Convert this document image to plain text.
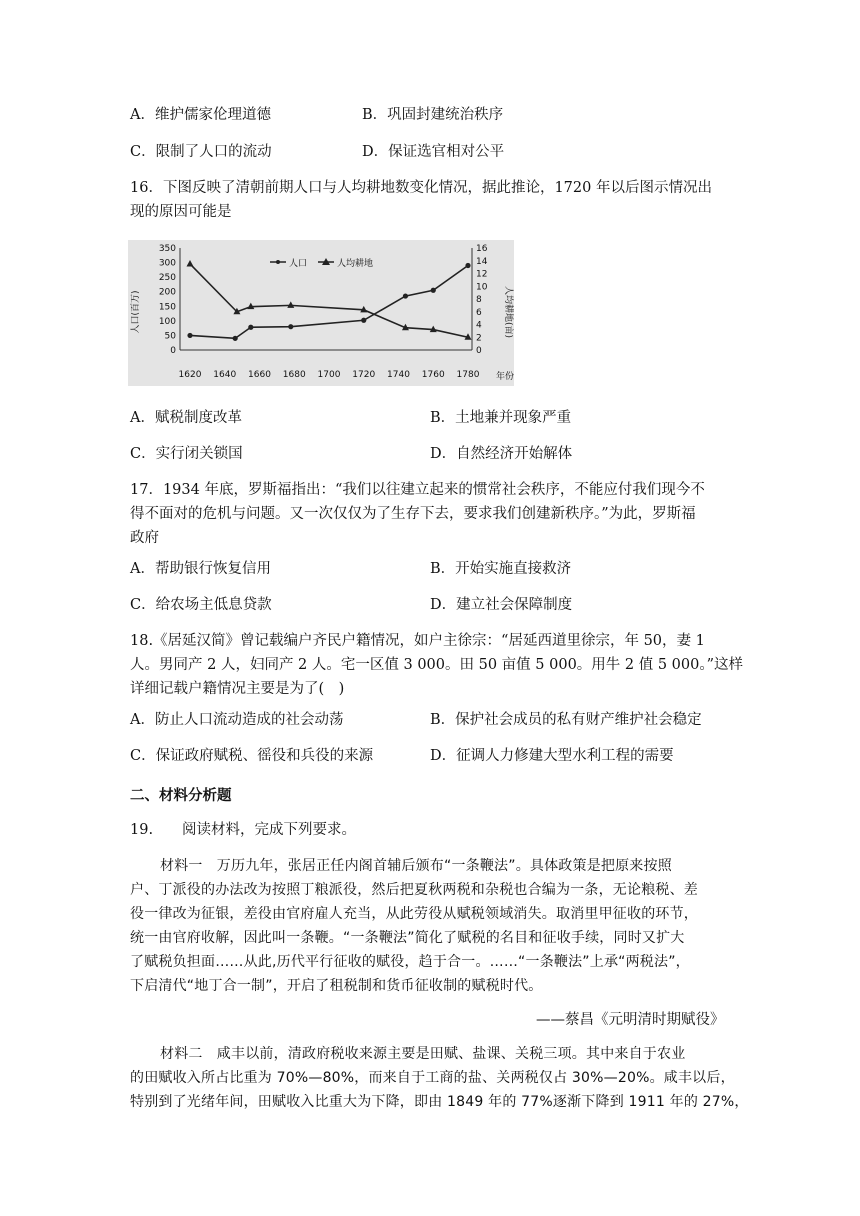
A．维护儒家伦理道德	B．巩固封建统治秩序
C．限制了人口的流动	D．保证选官相对公平
16．下图反映了清朝前期人口与人均耕地数变化情况，据此推论，1720 年以后图示情况出
现的原因可能是
0
50
100
150
200
250
300
350
0
2
4
6
8
10
12
14
16
1620 1640 1660 1680 1700 1720 1740 1760 1780
人口	人均耕地
人口(百万)	人均耕地(亩)
年份
A．赋税制度改革	B．土地兼并现象严重
C．实行闭关锁国	D．自然经济开始解体
17．1934 年底，罗斯福指出：“我们以往建立起来的惯常社会秩序，不能应付我们现今不
得不面对的危机与问题。又一次仅仅为了生存下去，要求我们创建新秩序。”为此，罗斯福
政府
A．帮助银行恢复信用	B．开始实施直接救济
C．给农场主低息贷款	D．建立社会保障制度
18.《居延汉简》曾记载编户齐民户籍情况，如户主徐宗：“居延西道里徐宗，年 50，妻 1
人。男同产 2 人，妇同产 2 人。宅一区值 3 000。田 50 亩值 5 000。用牛 2 值 5 000。”这样
详细记载户籍情况主要是为了(　)
A．防止人口流动造成的社会动荡	B．保护社会成员的私有财产维护社会稳定
C．保证政府赋税、徭役和兵役的来源	D．征调人力修建大型水利工程的需要
二、材料分析题
19.　　阅读材料，完成下列要求。
材料一　万历九年，张居正任内阁首辅后颁布“一条鞭法”。具体政策是把原来按照
户、丁派役的办法改为按照丁粮派役，然后把夏秋两税和杂税也合编为一条，无论粮税、差
役一律改为征银，差役由官府雇人充当，从此劳役从赋税领域消失。取消里甲征收的环节，
统一由官府收解，因此叫一条鞭。“一条鞭法”简化了赋税的名目和征收手续，同时又扩大
了赋税负担面……从此,历代平行征收的赋役，趋于合一。……“一条鞭法”上承“两税法”，
下启清代“地丁合一制”，开启了租税制和货币征收制的赋税时代。
——蔡昌《元明清时期赋役》
材料二　咸丰以前，清政府税收来源主要是田赋、盐课、关税三项。其中来自于农业
的田赋收入所占比重为 70%—80%，而来自于工商的盐、关两税仅占 30%—20%。咸丰以后，
特别到了光绪年间，田赋收入比重大为下降，即由 1849 年的 77%逐渐下降到 1911 年的 27%，
